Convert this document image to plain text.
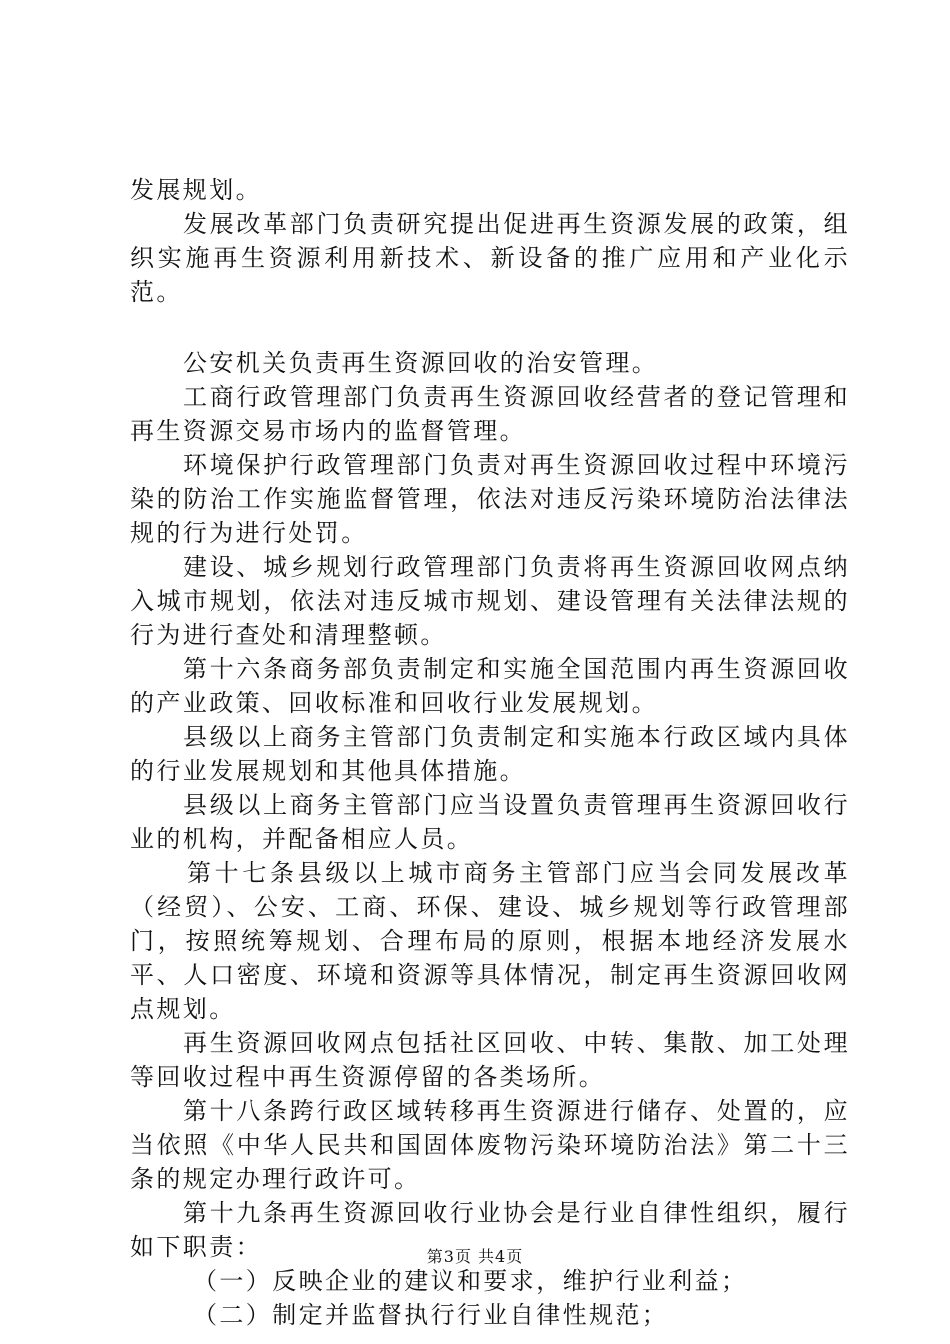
发展规划。

发展改革部门负责研究提出促进再生资源发展的政策，组织实施再生资源利用新技术、新设备的推广应用和产业化示范。

公安机关负责再生资源回收的治安管理。

工商行政管理部门负责再生资源回收经营者的登记管理和再生资源交易市场内的监督管理。

环境保护行政管理部门负责对再生资源回收过程中环境污染的防治工作实施监督管理，依法对违反污染环境防治法律法规的行为进行处罚。

建设、城乡规划行政管理部门负责将再生资源回收网点纳入城市规划，依法对违反城市规划、建设管理有关法律法规的行为进行查处和清理整顿。

第十六条商务部负责制定和实施全国范围内再生资源回收的产业政策、回收标准和回收行业发展规划。

县级以上商务主管部门负责制定和实施本行政区域内具体的行业发展规划和其他具体措施。

县级以上商务主管部门应当设置负责管理再生资源回收行业的机构，并配备相应人员。

第十七条县级以上城市商务主管部门应当会同发展改革（经贸）、公安、工商、环保、建设、城乡规划等行政管理部门，按照统筹规划、合理布局的原则，根据本地经济发展水平、人口密度、环境和资源等具体情况，制定再生资源回收网点规划。

再生资源回收网点包括社区回收、中转、集散、加工处理等回收过程中再生资源停留的各类场所。

第十八条跨行政区域转移再生资源进行储存、处置的，应当依照《中华人民共和国固体废物污染环境防治法》第二十三条的规定办理行政许可。

第十九条再生资源回收行业协会是行业自律性组织，履行如下职责：

（一）反映企业的建议和要求，维护行业利益；

（二）制定并监督执行行业自律性规范；

第3页 共4页
